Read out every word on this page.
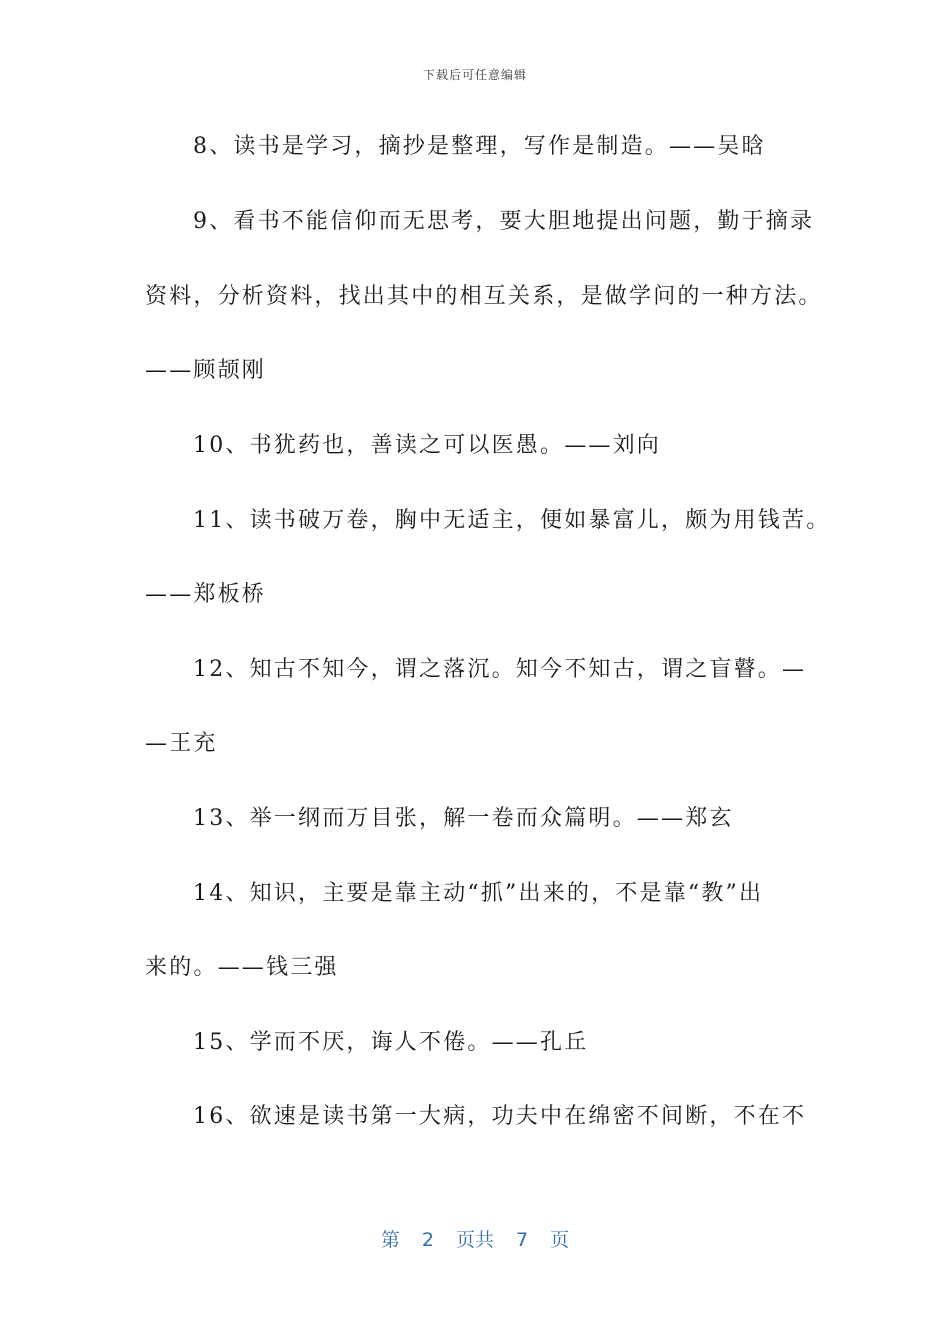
下载后可任意编辑
8、读书是学习，摘抄是整理，写作是制造。——吴晗
9、看书不能信仰而无思考，要大胆地提出问题，勤于摘录
资料，分析资料，找出其中的相互关系，是做学问的一种方法。
——顾颉刚
10、书犹药也，善读之可以医愚。——刘向
11、读书破万卷，胸中无适主，便如暴富儿，颇为用钱苦。
——郑板桥
12、知古不知今，谓之落沉。知今不知古，谓之盲瞽。—
—王充
13、举一纲而万目张，解一卷而众篇明。——郑玄
14、知识，主要是靠主动“抓”出来的，不是靠“教”出
来的。——钱三强
15、学而不厌，诲人不倦。——孔丘
16、欲速是读书第一大病，功夫中在绵密不间断，不在不
第 2 页共 7 页
